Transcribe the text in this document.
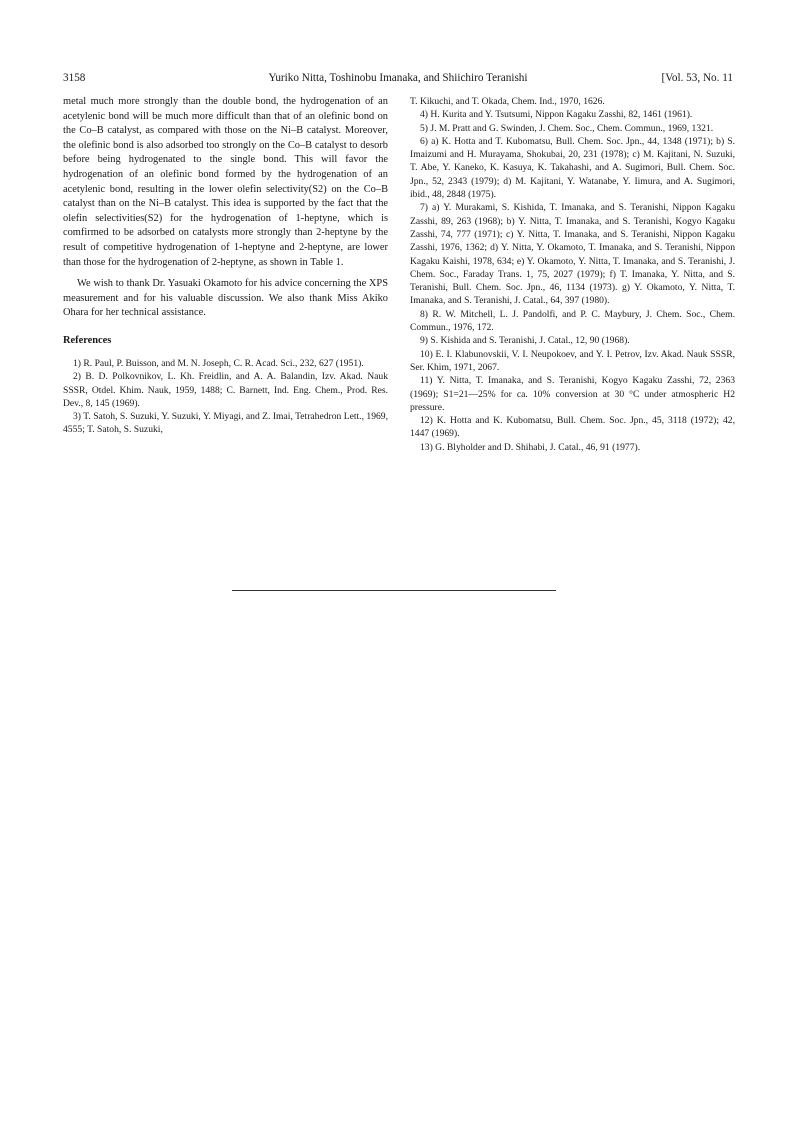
3158	Yuriko Nitta, Toshinobu Imanaka, and Shiichiro Teranishi	[Vol. 53, No. 11

metal much more strongly than the double bond, the hydrogenation of an acetylenic bond will be much more difficult than that of an olefinic bond on the Co–B catalyst, as compared with those on the Ni–B catalyst. Moreover, the olefinic bond is also adsorbed too strongly on the Co–B catalyst to desorb before being hydrogenated to the single bond. This will favor the hydrogenation of an olefinic bond formed by the hydrogenation of an acetylenic bond, resulting in the lower olefin selectivity(S2) on the Co–B catalyst than on the Ni–B catalyst. This idea is supported by the fact that the olefin selectivities(S2) for the hydrogenation of 1-heptyne, which is comfirmed to be adsorbed on catalysts more strongly than 2-heptyne by the result of competitive hydrogenation of 1-heptyne and 2-heptyne, are lower than those for the hydrogenation of 2-heptyne, as shown in Table 1.

We wish to thank Dr. Yasuaki Okamoto for his advice concerning the XPS measurement and for his valuable discussion. We also thank Miss Akiko Ohara for her technical assistance.

References

1) R. Paul, P. Buisson, and M. N. Joseph, C. R. Acad. Sci., 232, 627 (1951).

2) B. D. Polkovnikov, L. Kh. Freidlin, and A. A. Balandin, Izv. Akad. Nauk SSSR, Otdel. Khim. Nauk, 1959, 1488; C. Barnett, Ind. Eng. Chem., Prod. Res. Dev., 8, 145 (1969).

3) T. Satoh, S. Suzuki, Y. Suzuki, Y. Miyagi, and Z. Imai, Tetrahedron Lett., 1969, 4555; T. Satoh, S. Suzuki,

T. Kikuchi, and T. Okada, Chem. Ind., 1970, 1626.

4) H. Kurita and Y. Tsutsumi, Nippon Kagaku Zasshi, 82, 1461 (1961).

5) J. M. Pratt and G. Swinden, J. Chem. Soc., Chem. Commun., 1969, 1321.

6) a) K. Hotta and T. Kubomatsu, Bull. Chem. Soc. Jpn., 44, 1348 (1971); b) S. Imaizumi and H. Murayama, Shokubai, 20, 231 (1978); c) M. Kajitani, N. Suzuki, T. Abe, Y. Kaneko, K. Kasuya, K. Takahashi, and A. Sugimori, Bull. Chem. Soc. Jpn., 52, 2343 (1979); d) M. Kajitani, Y. Watanabe, Y. Iimura, and A. Sugimori, ibid., 48, 2848 (1975).

7) a) Y. Murakami, S. Kishida, T. Imanaka, and S. Teranishi, Nippon Kagaku Zasshi, 89, 263 (1968); b) Y. Nitta, T. Imanaka, and S. Teranishi, Kogyo Kagaku Zasshi, 74, 777 (1971); c) Y. Nitta, T. Imanaka, and S. Teranishi, Nippon Kagaku Zasshi, 1976, 1362; d) Y. Nitta, Y. Okamoto, T. Imanaka, and S. Teranishi, Nippon Kagaku Kaishi, 1978, 634; e) Y. Okamoto, Y. Nitta, T. Imanaka, and S. Teranishi, J. Chem. Soc., Faraday Trans. 1, 75, 2027 (1979); f) T. Imanaka, Y. Nitta, and S. Teranishi, Bull. Chem. Soc. Jpn., 46, 1134 (1973). g) Y. Okamoto, Y. Nitta, T. Imanaka, and S. Teranishi, J. Catal., 64, 397 (1980).

8) R. W. Mitchell, L. J. Pandolfi, and P. C. Maybury, J. Chem. Soc., Chem. Commun., 1976, 172.

9) S. Kishida and S. Teranishi, J. Catal., 12, 90 (1968).

10) E. I. Klabunovskii, V. I. Neupokoev, and Y. I. Petrov, Izv. Akad. Nauk SSSR, Ser. Khim, 1971, 2067.

11) Y. Nitta, T. Imanaka, and S. Teranishi, Kogyo Kagaku Zasshi, 72, 2363 (1969); S1=21—25% for ca. 10% conversion at 30 °C under atmospheric H2 pressure.

12) K. Hotta and K. Kubomatsu, Bull. Chem. Soc. Jpn., 45, 3118 (1972); 42, 1447 (1969).

13) G. Blyholder and D. Shihabi, J. Catal., 46, 91 (1977).
